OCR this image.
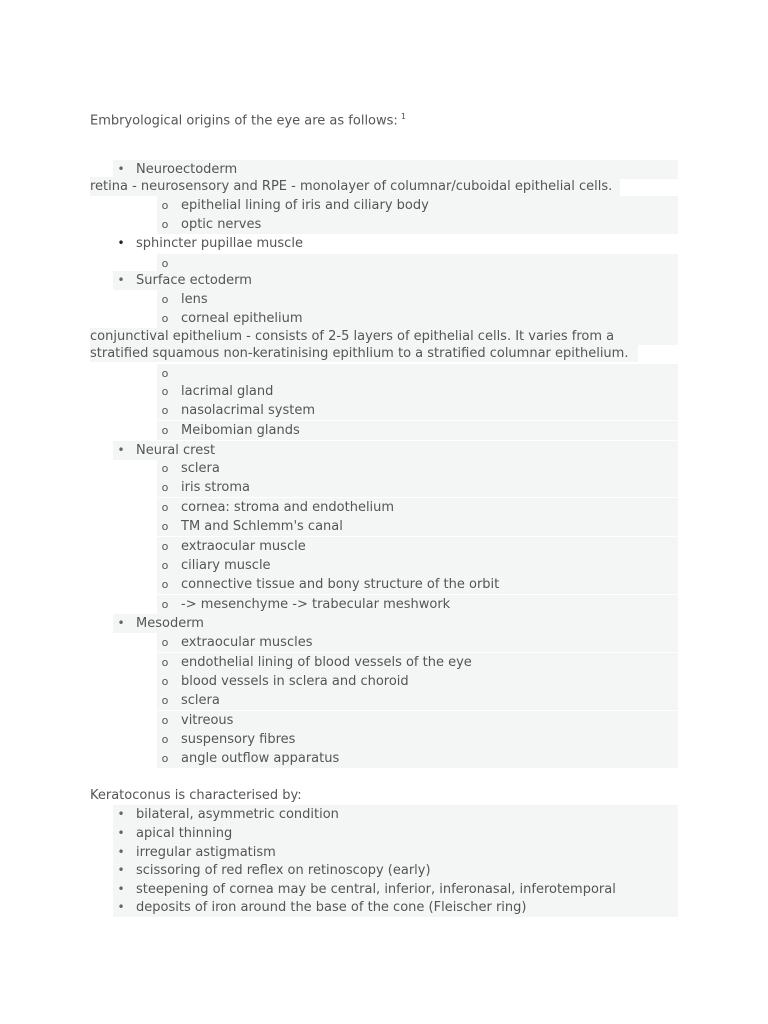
Embryological origins of the eye are as follows: $^1$
• Neuroectoderm
retina - neurosensory and RPE - monolayer of columnar/cuboidal epithelial cells.
o epithelial lining of iris and ciliary body
o optic nerves
• sphincter pupillae muscle
o
• Surface ectoderm
o lens
o corneal epithelium
conjunctival epithelium - consists of 2-5 layers of epithelial cells. It varies from a
stratified squamous non-keratinising epithlium to a stratified columnar epithelium.
o
o lacrimal gland
o nasolacrimal system
o Meibomian glands
• Neural crest
o sclera
o iris stroma
o cornea: stroma and endothelium
o TM and Schlemm's canal
o extraocular muscle
o ciliary muscle
o connective tissue and bony structure of the orbit
o -> mesenchyme -> trabecular meshwork
• Mesoderm
o extraocular muscles
o endothelial lining of blood vessels of the eye
o blood vessels in sclera and choroid
o sclera
o vitreous
o suspensory fibres
o angle outflow apparatus
Keratoconus is characterised by:
• bilateral, asymmetric condition
• apical thinning
• irregular astigmatism
• scissoring of red reflex on retinoscopy (early)
• steepening of cornea may be central, inferior, inferonasal, inferotemporal
• deposits of iron around the base of the cone (Fleischer ring)
